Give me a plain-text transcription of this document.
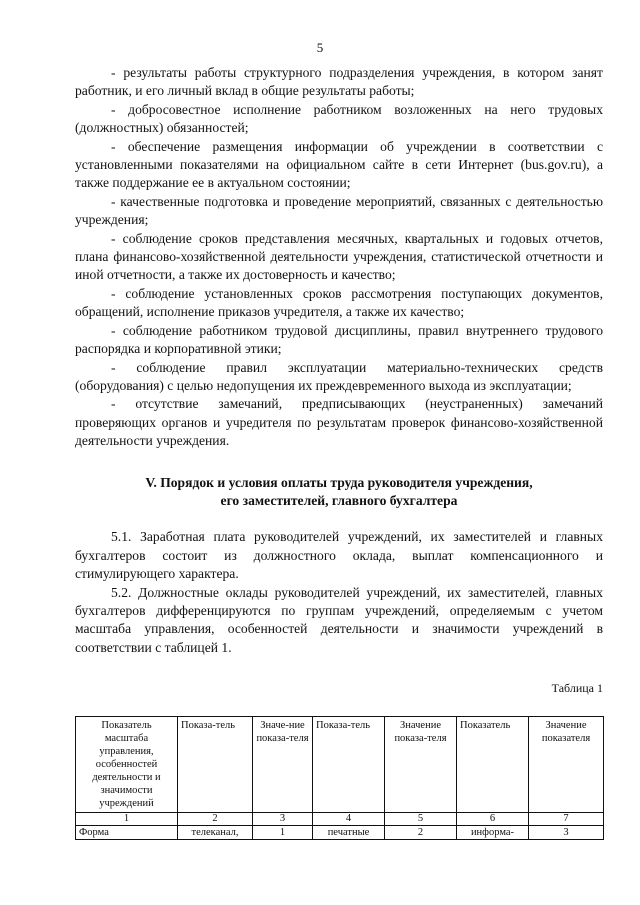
5

- результаты работы структурного подразделения учреждения, в котором занят работник, и его личный вклад в общие результаты работы;

- добросовестное исполнение работником возложенных на него трудовых (должностных) обязанностей;

- обеспечение размещения информации об учреждении в соответствии с установленными показателями на официальном сайте в сети Интернет (bus.gov.ru), а также поддержание ее в актуальном состоянии;

- качественные подготовка и проведение мероприятий, связанных с деятельностью учреждения;

- соблюдение сроков представления месячных, квартальных и годовых отчетов, плана финансово-хозяйственной деятельности учреждения, статистической отчетности и иной отчетности, а также их достоверность и качество;

- соблюдение установленных сроков рассмотрения поступающих документов, обращений, исполнение приказов учредителя, а также их качество;

- соблюдение работником трудовой дисциплины, правил внутреннего трудового распорядка и корпоративной этики;

- соблюдение правил эксплуатации материально-технических средств (оборудования) с целью недопущения их преждевременного выхода из эксплуатации;

- отсутствие замечаний, предписывающих (неустраненных) замечаний проверяющих органов и учредителя по результатам проверок финансово-хозяйственной деятельности учреждения.

V. Порядок и условия оплаты труда руководителя учреждения,
его заместителей, главного бухгалтера

5.1. Заработная плата руководителей учреждений, их заместителей и главных бухгалтеров состоит из должностного оклада, выплат компенсационного и стимулирующего характера.

5.2. Должностные оклады руководителей учреждений, их заместителей, главных бухгалтеров дифференцируются по группам учреждений, определяемым с учетом масштаба управления, особенностей деятельности и значимости учреждений в соответствии с таблицей 1.

Таблица 1
Показатель масштаба управления, особенностей деятельности и значимости учреждений	Показа-тель	Значе-ние показа-теля	Показа-тель	Значение показа-теля	Показатель	Значение показателя
1	2	3	4	5	6	7
Форма	телеканал,	1	печатные	2	информа-	3
